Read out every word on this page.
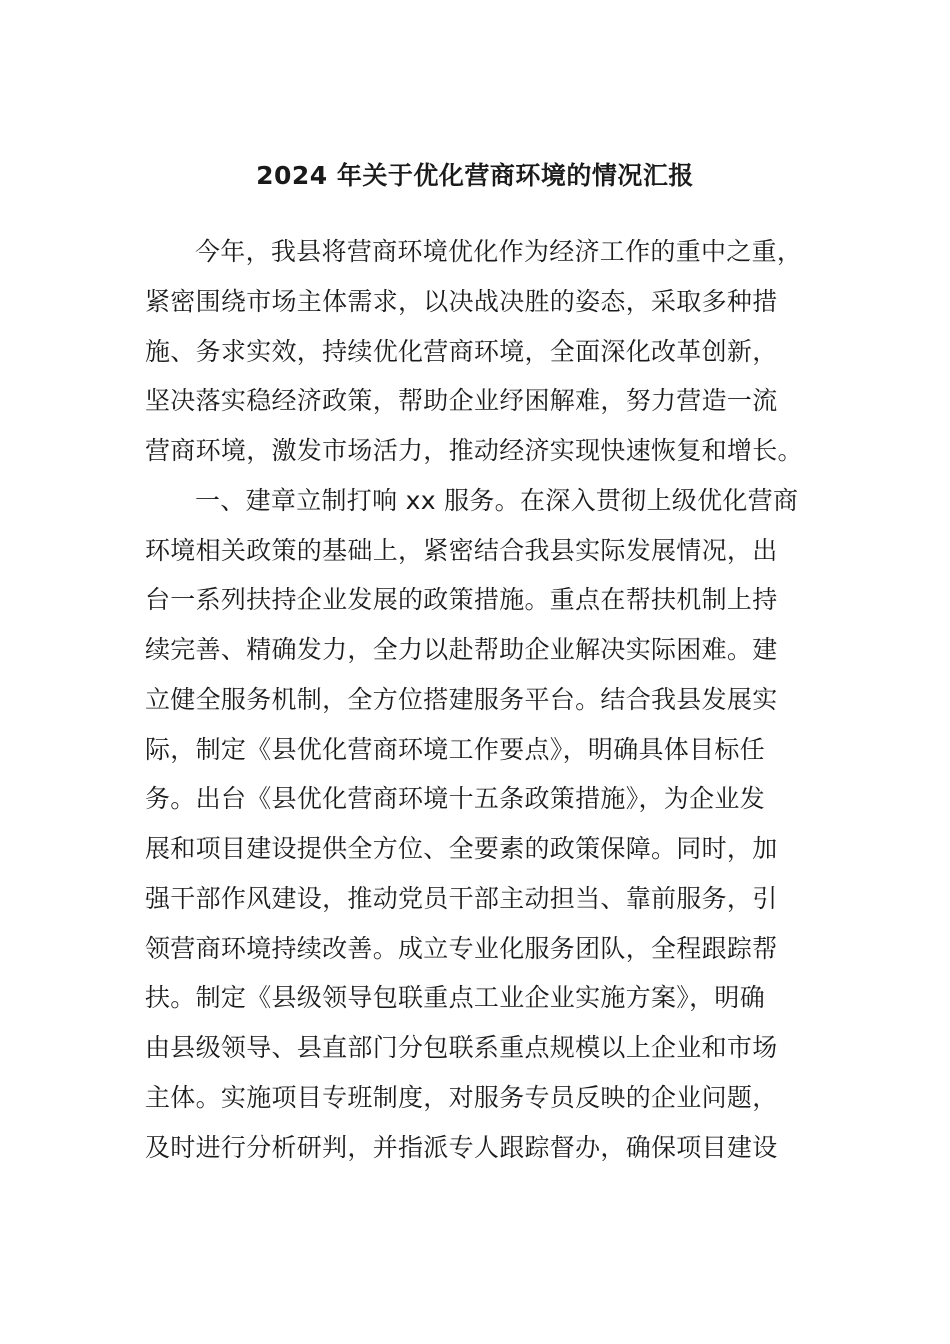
2024 年关于优化营商环境的情况汇报
今年，我县将营商环境优化作为经济工作的重中之重，
紧密围绕市场主体需求，以决战决胜的姿态，采取多种措
施、务求实效，持续优化营商环境，全面深化改革创新，
坚决落实稳经济政策，帮助企业纾困解难，努力营造一流
营商环境，激发市场活力，推动经济实现快速恢复和增长。
一、建章立制打响 xx 服务。在深入贯彻上级优化营商
环境相关政策的基础上，紧密结合我县实际发展情况，出
台一系列扶持企业发展的政策措施。重点在帮扶机制上持
续完善、精确发力，全力以赴帮助企业解决实际困难。建
立健全服务机制，全方位搭建服务平台。结合我县发展实
际，制定《县优化营商环境工作要点》，明确具体目标任
务。出台《县优化营商环境十五条政策措施》，为企业发
展和项目建设提供全方位、全要素的政策保障。同时，加
强干部作风建设，推动党员干部主动担当、靠前服务，引
领营商环境持续改善。成立专业化服务团队，全程跟踪帮
扶。制定《县级领导包联重点工业企业实施方案》，明确
由县级领导、县直部门分包联系重点规模以上企业和市场
主体。实施项目专班制度，对服务专员反映的企业问题，
及时进行分析研判，并指派专人跟踪督办，确保项目建设
